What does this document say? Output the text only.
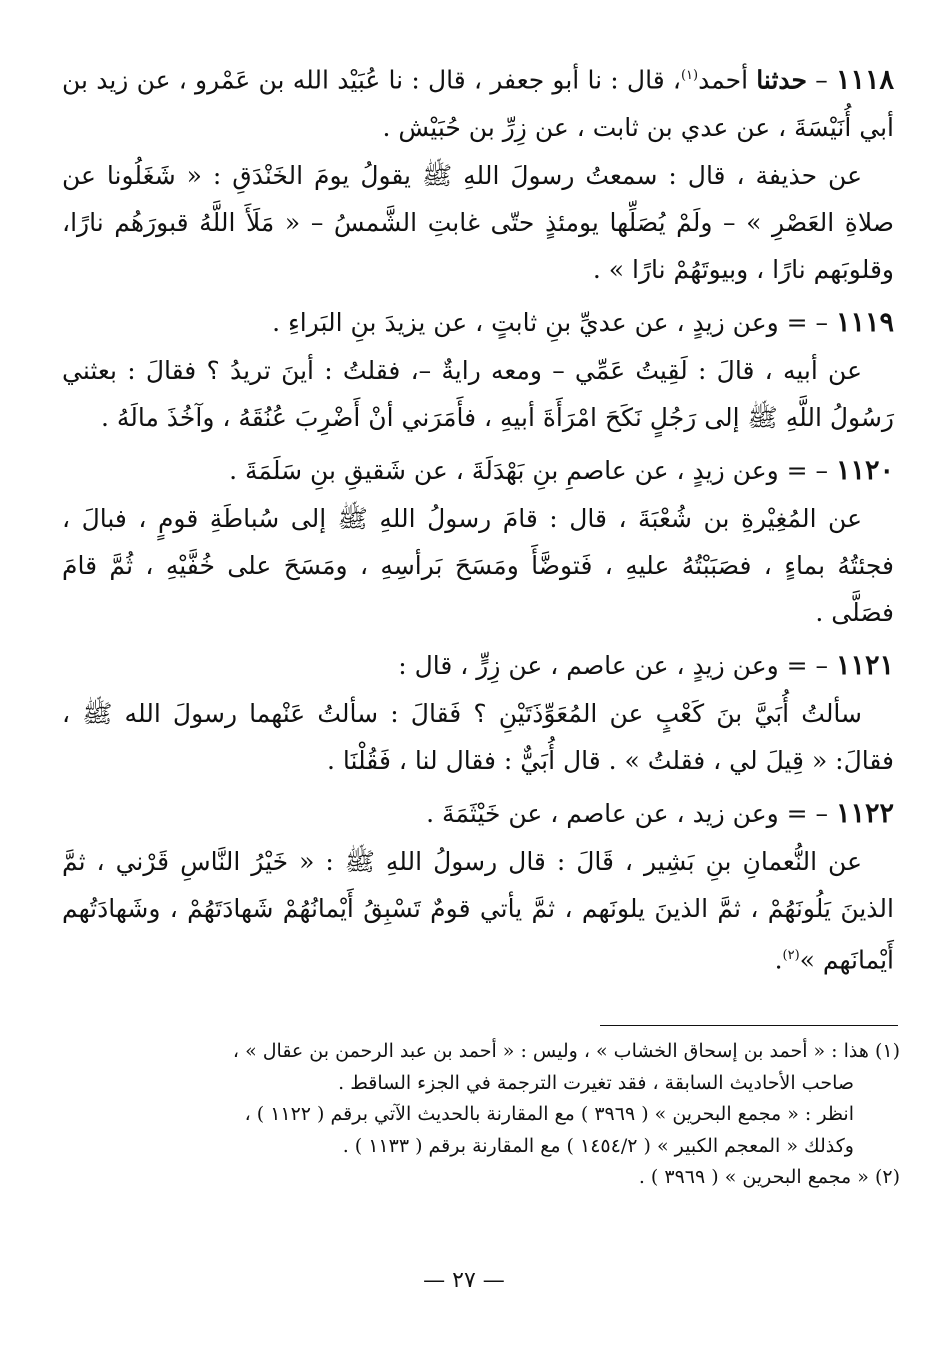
١١١٨ – حدثنا أحمد$^{(١)}$، قال : نا أبو جعفر ، قال : نا عُبَيْد الله بن عَمْرو ، عن زيد بن أبي أُنَيْسَةَ ، عن عدي بن ثابت ، عن زِرِّ بن حُبَيْش .

عن حذيفة ، قال : سمعتُ رسولَ اللهِ ﷺ يقولُ يومَ الخَنْدَقِ : « شَغَلُونا عن صلاةِ العَصْرِ » – ولَمْ يُصَلِّها يومئذٍ حتّى غابتِ الشَّمسُ – « مَلَأَ اللَّهُ قبورَهُم نارًا، وقلوبَهم نارًا ، وبيوتَهُمْ نارًا » .

١١١٩ – = وعن زيدٍ ، عن عديِّ بنِ ثابتٍ ، عن يزيدَ بنِ البَراءِ .

عن أبيه ، قالَ : لَقِيتُ عَمِّي – ومعه رايةٌ –، فقلتُ : أينَ تريدُ ؟ فقالَ : بعثني رَسُولُ اللَّهِ ﷺ إلى رَجُلٍ نَكَحَ امْرَأَةَ أبيهِ ، فأَمَرَني أنْ أَضْرِبَ عُنُقَهُ ، وآخُذَ مالَهُ .

١١٢٠ – = وعن زيدٍ ، عن عاصمِ بنِ بَهْدَلَةَ ، عن شَقيقِ بنِ سَلَمَةَ .

عن المُغِيْرةِ بن شُعْبَةَ ، قال : قامَ رسولُ اللهِ ﷺ إلى سُباطَةِ قومٍ ، فبالَ ، فجئتُهُ بماءٍ ، فصَبَبْتُهُ عليهِ ، فَتوضَّأَ ومَسَحَ بَرأسِهِ ، ومَسَحَ على خُفَّيْهِ ، ثُمَّ قامَ فصَلَّى .

١١٢١ – = وعن زيدٍ ، عن عاصم ، عن زِرٍّ ، قال :

سألتُ أُبَيَّ بنَ كَعْبٍ عن المُعَوِّذَتَيْنِ ؟ فَقالَ : سألتُ عَنْهما رسولَ الله ﷺ ، فقالَ: « قِيلَ لي ، فقلتُ » . قال أُبَيٌّ : فقال لنا ، فَقُلْنَا .

١١٢٢ – = وعن زيد ، عن عاصم ، عن خَيْثَمَةَ .

عن النُّعمانِ بنِ بَشِير ، قَالَ : قال رسولُ اللهِ ﷺ : « خَيْرُ النَّاسِ قَرْني ، ثمَّ الذينَ يَلُونَهُمْ ، ثمَّ الذينَ يلونَهم ، ثمَّ يأتي قومٌ تَسْبِقُ أَيْمانُهُمْ شَهادَتَهُمْ ، وشَهادَتُهم أَيْمانَهم »$^{(٢)}$.

(١) هذا : « أحمد بن إسحاق الخشاب » ، وليس : « أحمد بن عبد الرحمن بن عقال » ،

صاحب الأحاديث السابقة ، فقد تغيرت الترجمة في الجزء الساقط .

انظر : « مجمع البحرين » ( ٣٩٦٩ ) مع المقارنة بالحديث الآتي برقم ( ١١٢٢ ) ،

وكذلك « المعجم الكبير » ( ١٤٥٤/٢ ) مع المقارنة برقم ( ١١٣٣ ) .

(٢) « مجمع البحرين » ( ٣٩٦٩ ) .

— ٢٧ —
